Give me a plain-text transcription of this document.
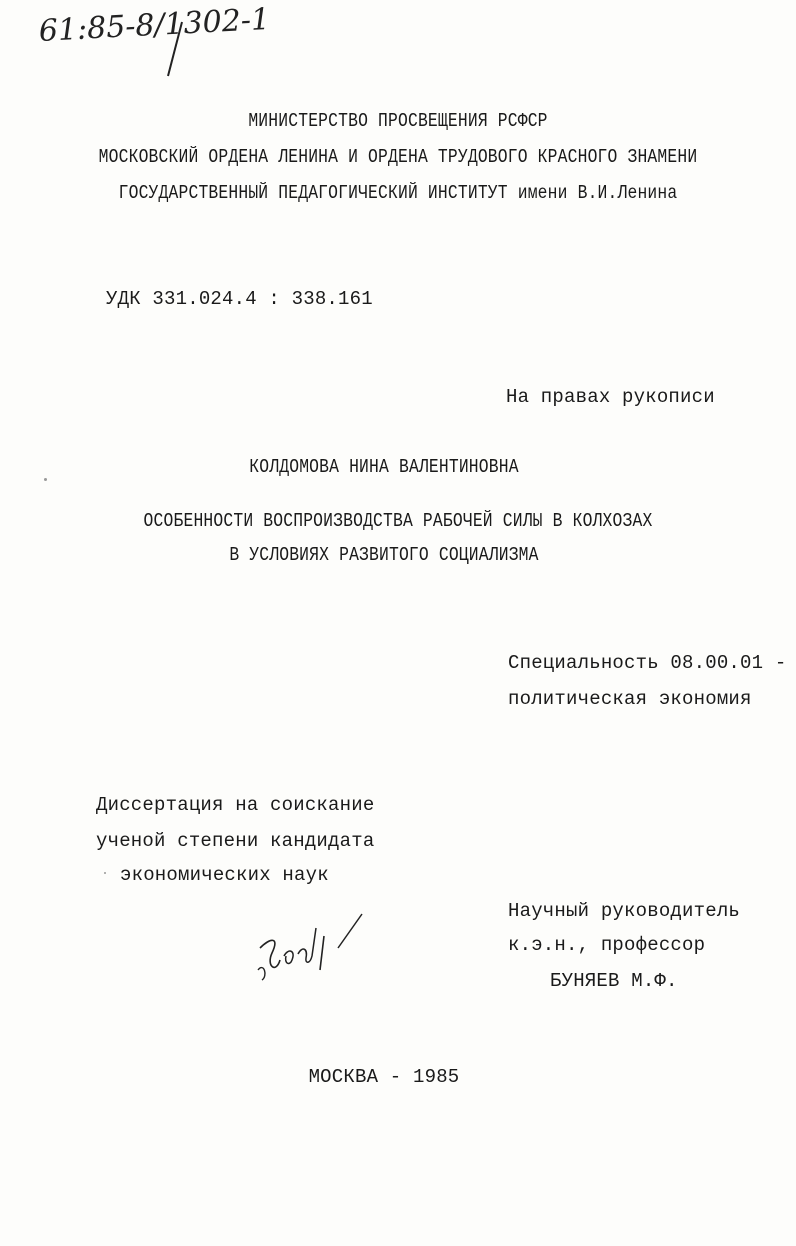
61:85-8/1302-1
МИНИСТЕРСТВО ПРОСВЕЩЕНИЯ РСФСР
МОСКОВСКИЙ ОРДЕНА ЛЕНИНА И ОРДЕНА ТРУДОВОГО КРАСНОГО ЗНАМЕНИ
ГОСУДАРСТВЕННЫЙ ПЕДАГОГИЧЕСКИЙ ИНСТИТУТ имени В.И.Ленина
УДК 331.024.4 : 338.161
На правах рукописи
КОЛДОМОВА НИНА ВАЛЕНТИНОВНА
ОСОБЕННОСТИ ВОСПРОИЗВОДСТВА РАБОЧЕЙ СИЛЫ В КОЛХОЗАХ
В УСЛОВИЯХ РАЗВИТОГО СОЦИАЛИЗМА
Специальность 08.00.01 -
политическая экономия
Диссертация на соискание
ученой степени кандидата
экономических наук
Научный руководитель
к.э.н., профессор
БУНЯЕВ М.Ф.
МОСКВА - 1985
